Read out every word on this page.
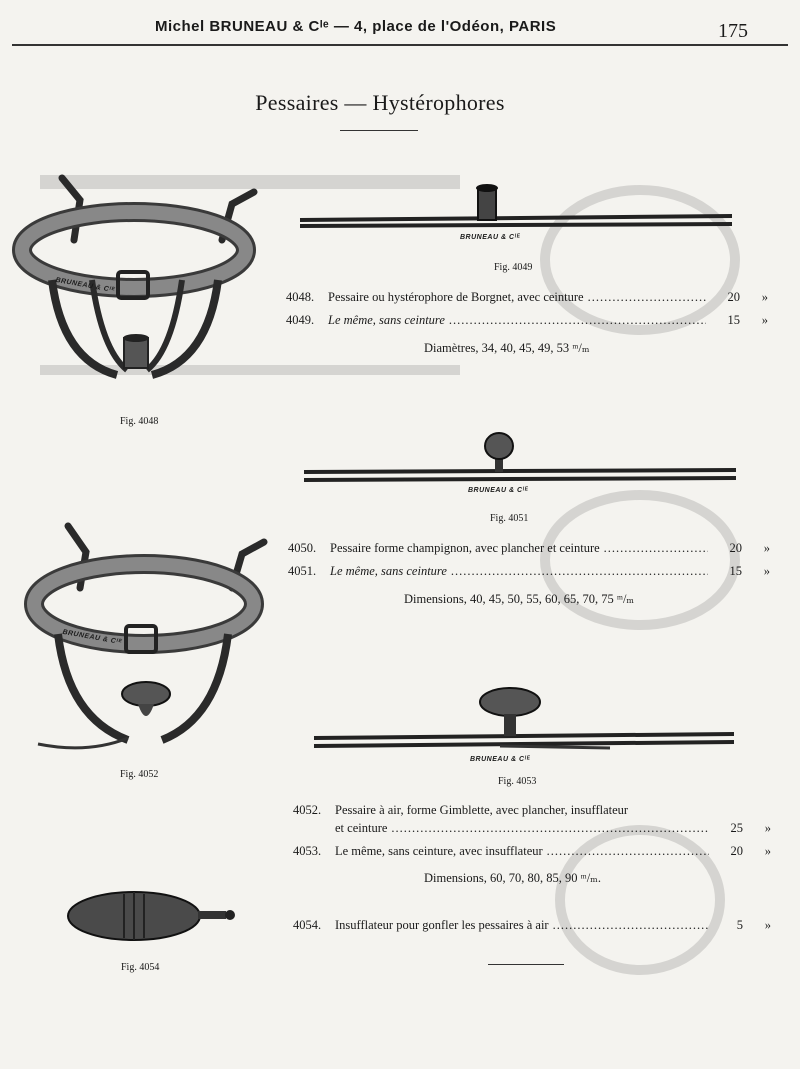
Michel BRUNEAU & Cᴵᵉ — 4, place de l'Odéon, PARIS	175
Pessaires — Hystérophores
BRUNEAU & Cᴵᴱ
Fig. 4048
BRUNEAU & Cᴵᴱ
Fig. 4049
4048.	Pessaire ou hystérophore de Borgnet, avec ceinture .....	20	»
4049.	Le même, sans ceinture .....	15	»
Diamètres, 34, 40, 45, 49, 53 ᵐ/ₘ
BRUNEAU & Cᴵᴱ
Fig. 4051
4050.	Pessaire forme champignon, avec plancher et ceinture .....	20	»
4051.	Le même, sans ceinture .....	15	»
Dimensions, 40, 45, 50, 55, 60, 65, 70, 75 ᵐ/ₘ
BRUNEAU & Cᴵᴱ
Fig. 4052
BRUNEAU & Cᴵᴱ
Fig. 4053
4052.	Pessaire à air, forme Gimblette, avec plancher, insufflateur
et ceinture .....	25	»
4053.	Le même, sans ceinture, avec insufflateur .....	20	»
Dimensions, 60, 70, 80, 85, 90 ᵐ/ₘ.
Fig. 4054
4054.	Insufflateur pour gonfler les pessaires à air .....	5	»
